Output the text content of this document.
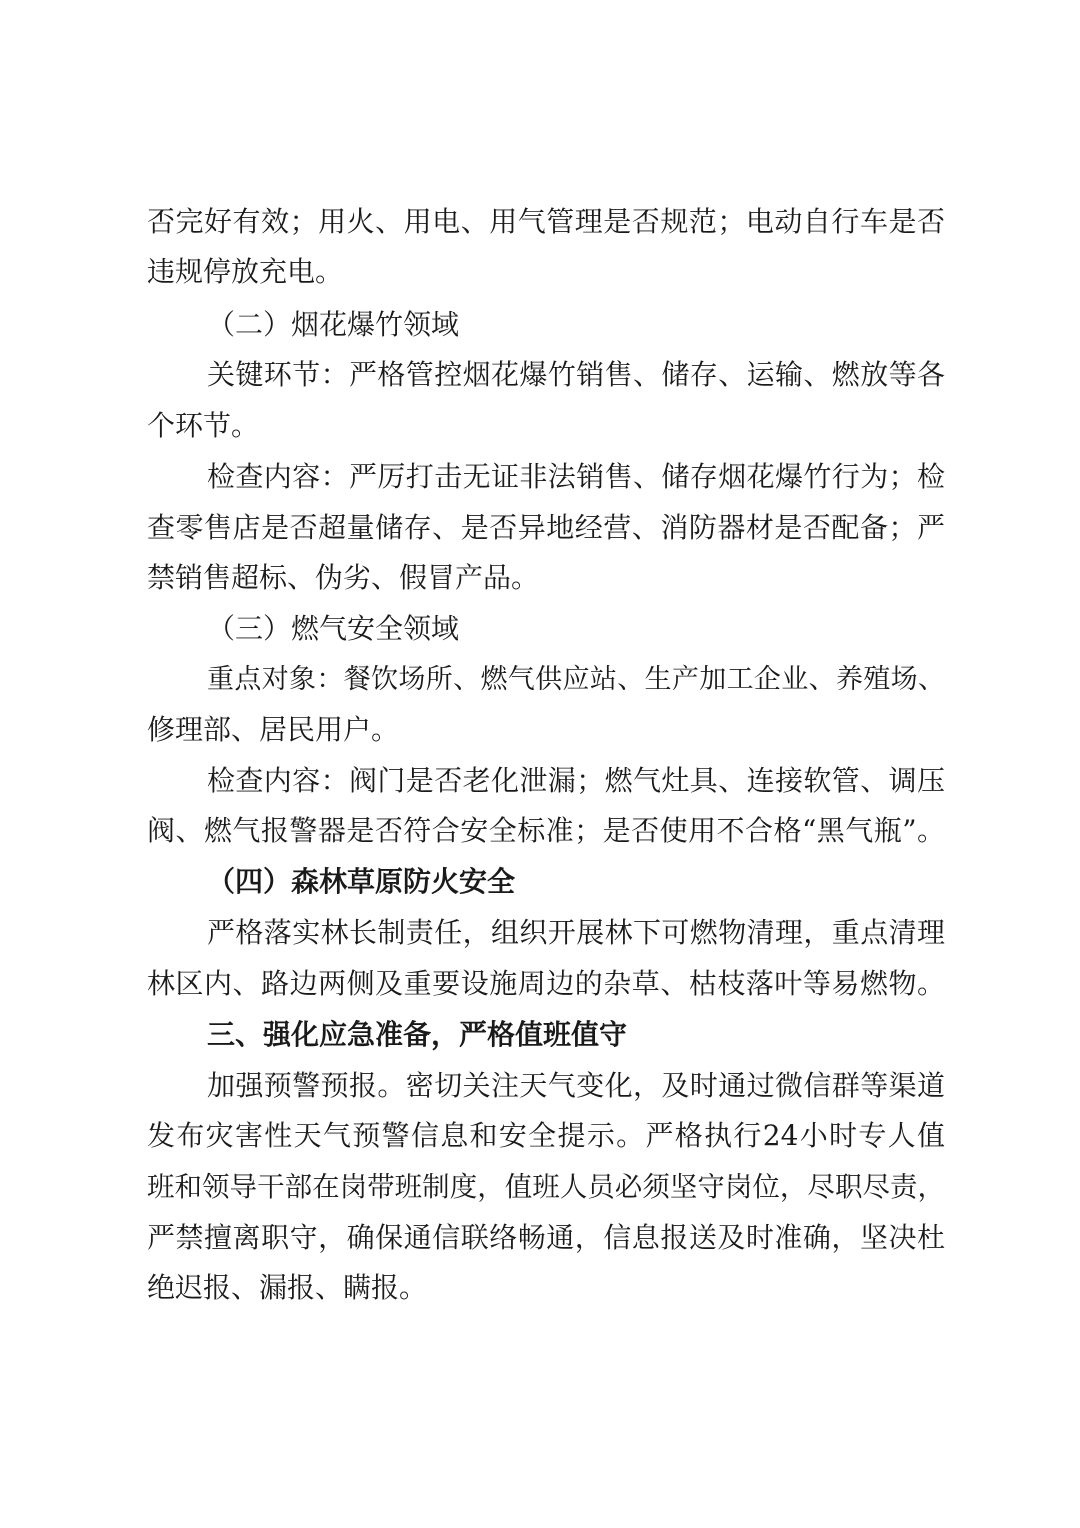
否完好有效；用火、用电、用气管理是否规范；电动自行车是否
违规停放充电。
（二）烟花爆竹领域
关键环节：严格管控烟花爆竹销售、储存、运输、燃放等各
个环节。
检查内容：严厉打击无证非法销售、储存烟花爆竹行为；检
查零售店是否超量储存、是否异地经营、消防器材是否配备；严
禁销售超标、伪劣、假冒产品。
（三）燃气安全领域
重点对象：餐饮场所、燃气供应站、生产加工企业、养殖场、
修理部、居民用户。
检查内容：阀门是否老化泄漏；燃气灶具、连接软管、调压
阀、燃气报警器是否符合安全标准；是否使用不合格“黑气瓶”。
（四）森林草原防火安全
严格落实林长制责任，组织开展林下可燃物清理，重点清理
林区内、路边两侧及重要设施周边的杂草、枯枝落叶等易燃物。
三、强化应急准备，严格值班值守
加强预警预报。密切关注天气变化，及时通过微信群等渠道
发布灾害性天气预警信息和安全提示。严格执行24小时专人值
班和领导干部在岗带班制度，值班人员必须坚守岗位，尽职尽责，
严禁擅离职守，确保通信联络畅通，信息报送及时准确，坚决杜
绝迟报、漏报、瞒报。
